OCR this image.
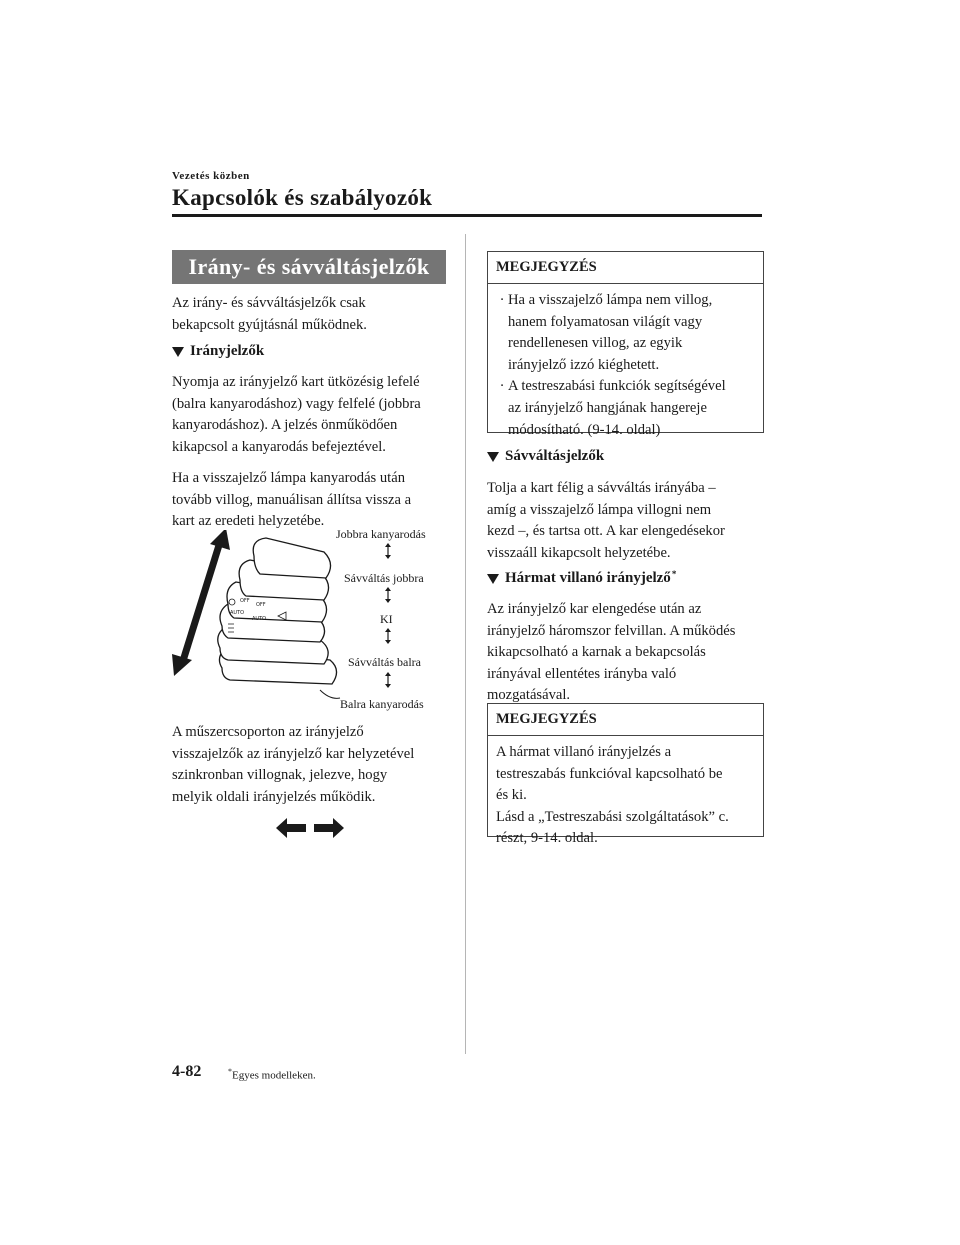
Vezetés közben
Kapcsolók és szabályozók
Irány- és sávváltásjelzők
Az irány- és sávváltásjelzők csak
bekapcsolt gyújtásnál működnek.
Irányjelzők
Nyomja az irányjelző kart ütközésig lefelé
(balra kanyarodáshoz) vagy felfelé (jobbra
kanyarodáshoz). A jelzés önműködően
kikapcsol a kanyarodás befejeztével.
Ha a visszajelző lámpa kanyarodás után
tovább villog, manuálisan állítsa vissza a
kart az eredeti helyzetébe.
OFF
AUTO
OFF
AUTO
Jobbra kanyarodás
Sávváltás jobbra
KI
Sávváltás balra
Balra kanyarodás
A műszercsoporton az irányjelző
visszajelzők az irányjelző kar helyzetével
szinkronban villognak, jelezve, hogy
melyik oldali irányjelzés működik.
MEGJEGYZÉS
· Ha a visszajelző lámpa nem villog,
hanem folyamatosan világít vagy
rendellenesen villog, az egyik
irányjelző izzó kiéghetett.
· A testreszabási funkciók segítségével
az irányjelző hangjának hangereje
módosítható. (9-14. oldal)
Sávváltásjelzők
Tolja a kart félig a sávváltás irányába –
amíg a visszajelző lámpa villogni nem
kezd –, és tartsa ott. A kar elengedésekor
visszaáll kikapcsolt helyzetébe.
Hármat villanó irányjelző*
Az irányjelző kar elengedése után az
irányjelző háromszor felvillan. A működés
kikapcsolható a karnak a bekapcsolás
irányával ellentétes irányba való
mozgatásával.
MEGJEGYZÉS
A hármat villanó irányjelzés a
testreszabás funkcióval kapcsolható be
és ki.
Lásd a „Testreszabási szolgáltatások” c.
részt, 9-14. oldal.
4-82	*Egyes modelleken.
